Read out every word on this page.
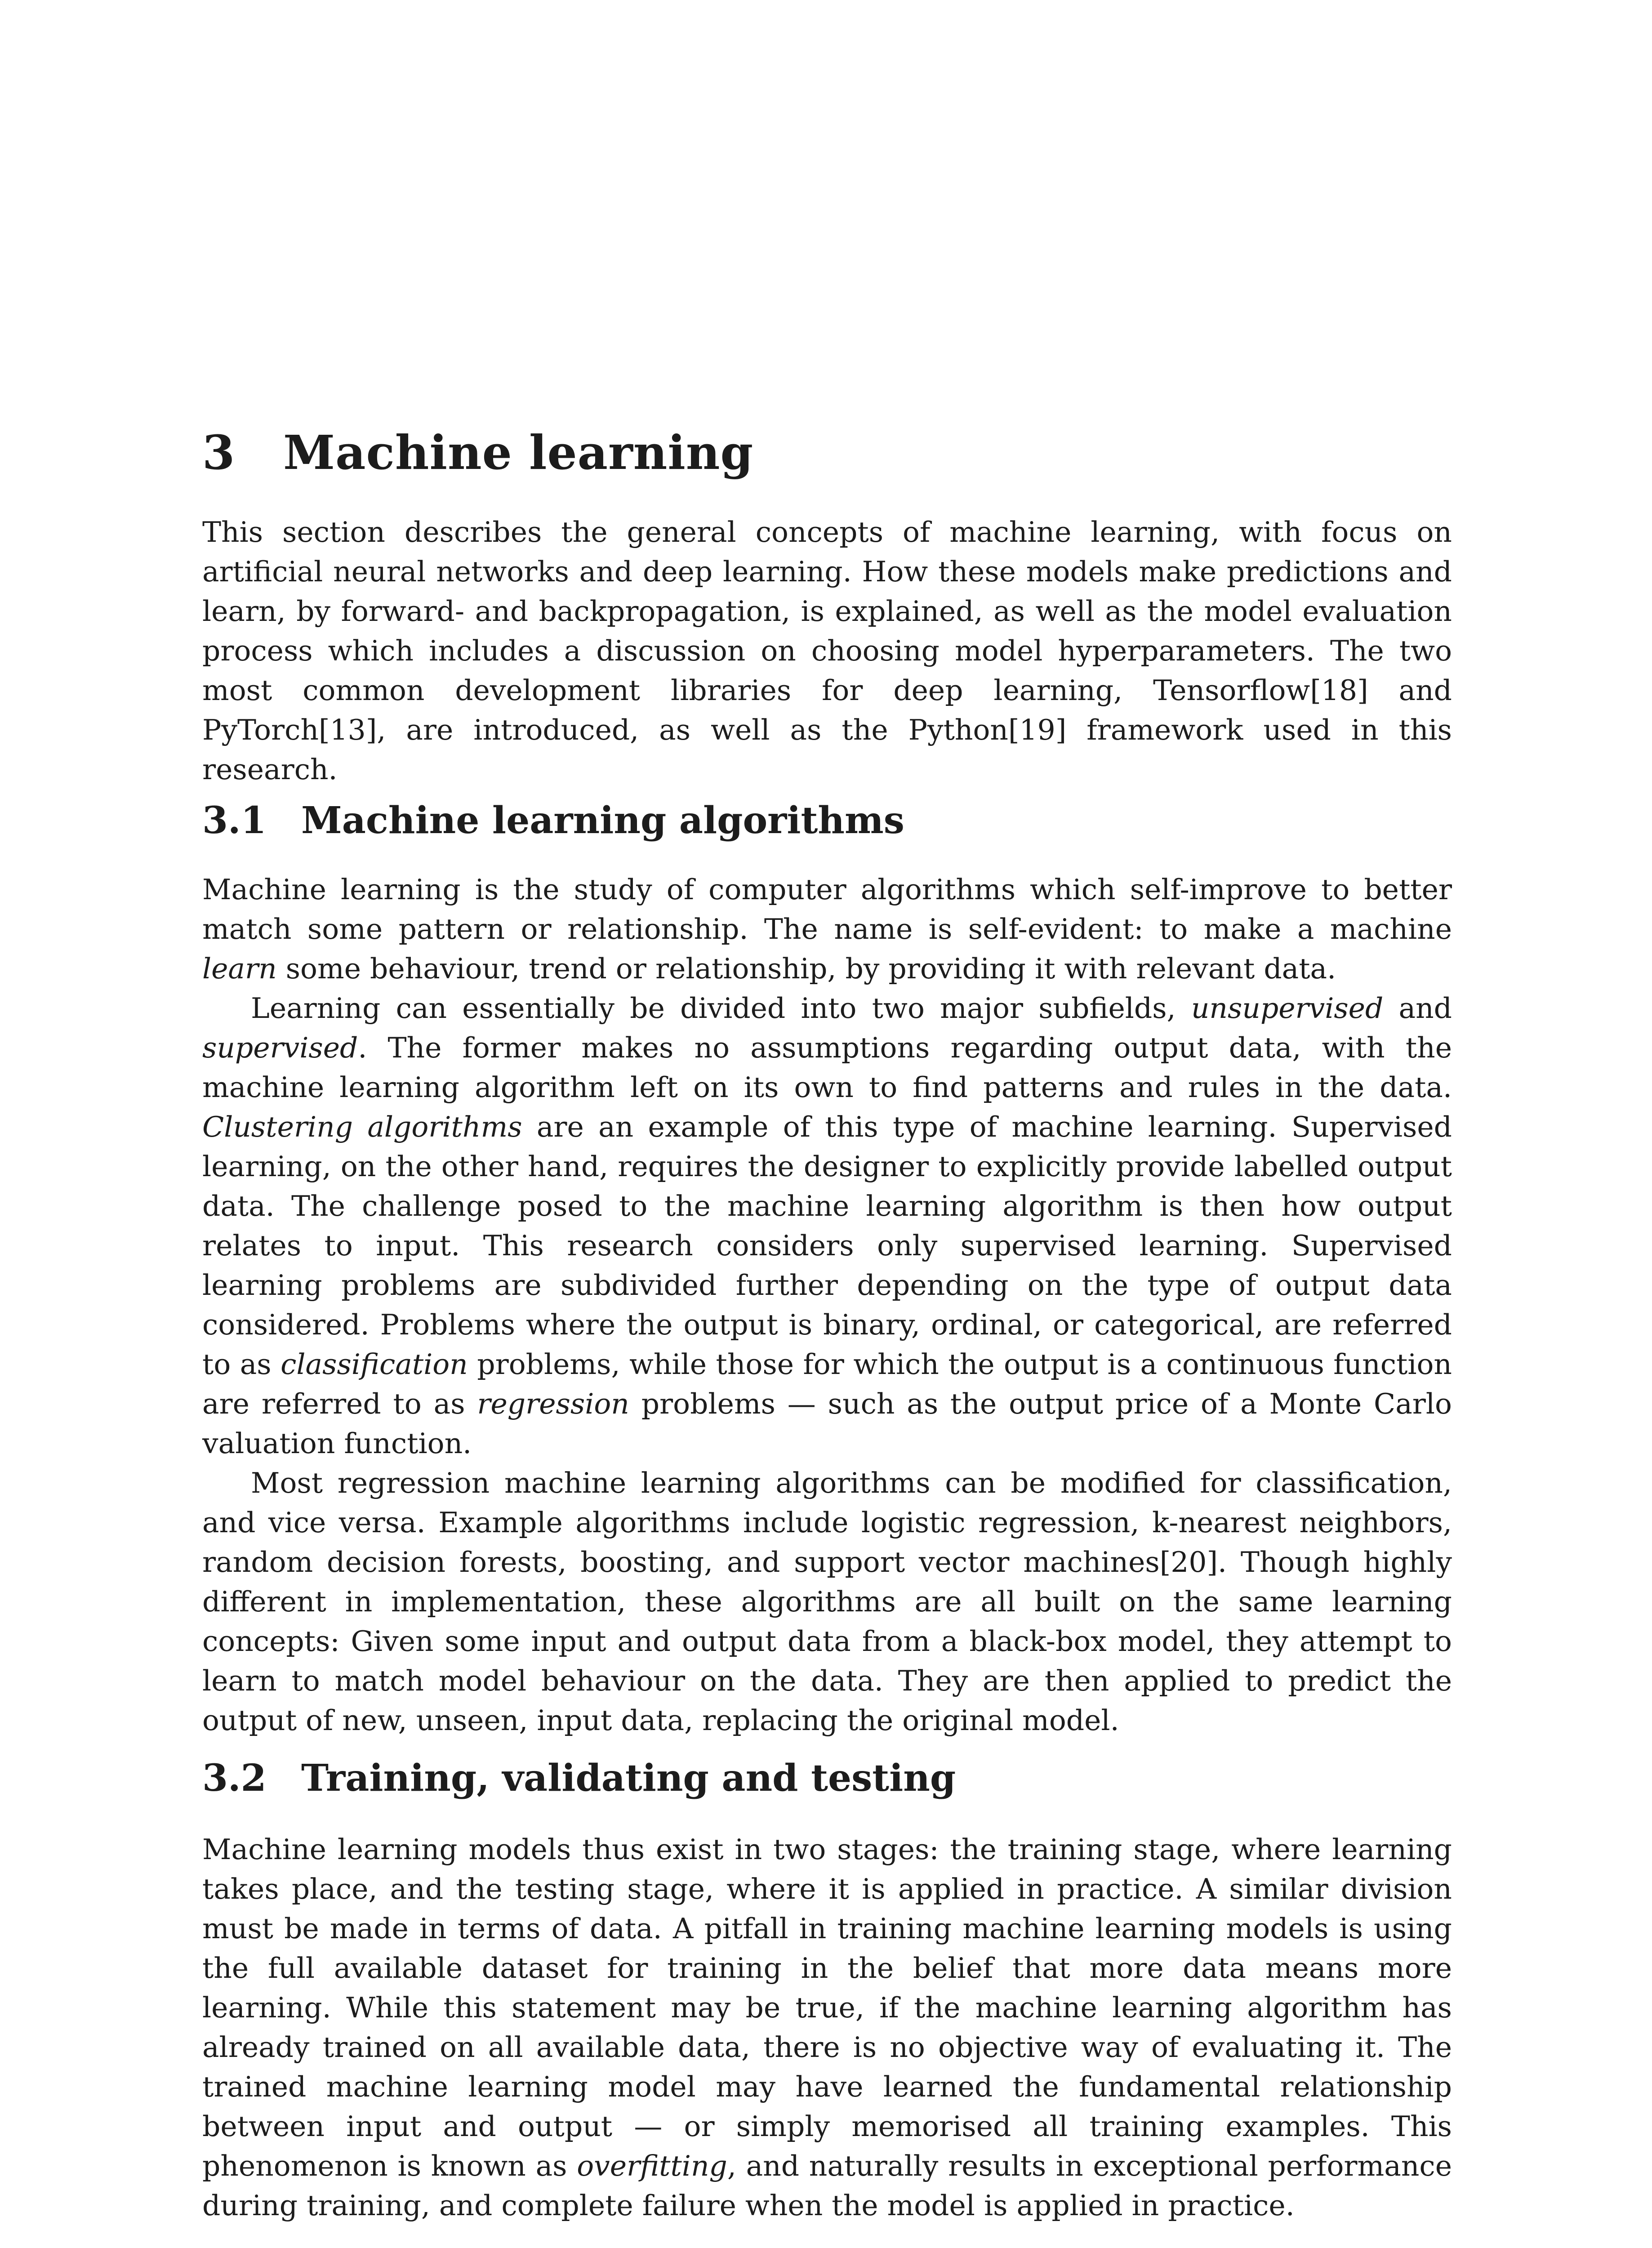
3 Machine learning

This section describes the general concepts of machine learning, with focus on artificial neural networks and deep learning. How these models make predictions and learn, by forward- and backpropagation, is explained, as well as the model evaluation process which includes a discussion on choosing model hyperparameters. The two most common development libraries for deep learning, Tensorflow[18] and PyTorch[13], are introduced, as well as the Python[19] framework used in this research.

3.1 Machine learning algorithms

Machine learning is the study of computer algorithms which self-improve to better match some pattern or relationship. The name is self-evident: to make a machine learn some behaviour, trend or relationship, by providing it with relevant data.

Learning can essentially be divided into two major subfields, unsupervised and supervised. The former makes no assumptions regarding output data, with the machine learning algorithm left on its own to find patterns and rules in the data. Clustering algorithms are an example of this type of machine learning. Supervised learning, on the other hand, requires the designer to explicitly provide labelled output data. The challenge posed to the machine learning algorithm is then how output relates to input. This research considers only supervised learning. Supervised learning problems are subdivided further depending on the type of output data considered. Problems where the output is binary, ordinal, or categorical, are referred to as classification problems, while those for which the output is a continuous function are referred to as regression problems — such as the output price of a Monte Carlo valuation function.

Most regression machine learning algorithms can be modified for classification, and vice versa. Example algorithms include logistic regression, k-nearest neighbors, random decision forests, boosting, and support vector machines[20]. Though highly different in implementation, these algorithms are all built on the same learning concepts: Given some input and output data from a black-box model, they attempt to learn to match model behaviour on the data. They are then applied to predict the output of new, unseen, input data, replacing the original model.

3.2 Training, validating and testing

Machine learning models thus exist in two stages: the training stage, where learning takes place, and the testing stage, where it is applied in practice. A similar division must be made in terms of data. A pitfall in training machine learning models is using the full available dataset for training in the belief that more data means more learning. While this statement may be true, if the machine learning algorithm has already trained on all available data, there is no objective way of evaluating it. The trained machine learning model may have learned the fundamental relationship between input and output — or simply memorised all training examples. This phenomenon is known as overfitting, and naturally results in exceptional performance during training, and complete failure when the model is applied in practice.
